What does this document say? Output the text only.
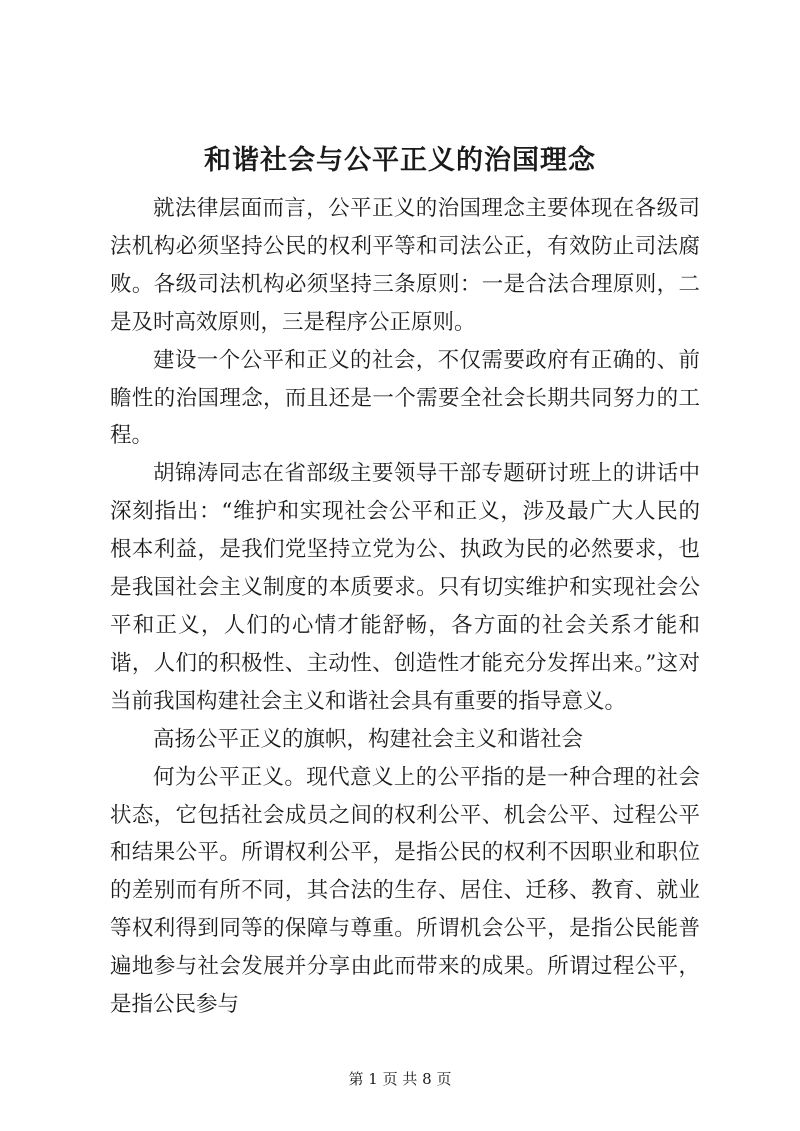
和谐社会与公平正义的治国理念

就法律层面而言，公平正义的治国理念主要体现在各级司法机构必须坚持公民的权利平等和司法公正，有效防止司法腐败。各级司法机构必须坚持三条原则：一是合法合理原则，二是及时高效原则，三是程序公正原则。

建设一个公平和正义的社会，不仅需要政府有正确的、前瞻性的治国理念，而且还是一个需要全社会长期共同努力的工程。

胡锦涛同志在省部级主要领导干部专题研讨班上的讲话中深刻指出：“维护和实现社会公平和正义，涉及最广大人民的根本利益，是我们党坚持立党为公、执政为民的必然要求，也是我国社会主义制度的本质要求。只有切实维护和实现社会公平和正义，人们的心情才能舒畅，各方面的社会关系才能和谐，人们的积极性、主动性、创造性才能充分发挥出来。”这对当前我国构建社会主义和谐社会具有重要的指导意义。

高扬公平正义的旗帜，构建社会主义和谐社会

何为公平正义。现代意义上的公平指的是一种合理的社会状态，它包括社会成员之间的权利公平、机会公平、过程公平和结果公平。所谓权利公平，是指公民的权利不因职业和职位的差别而有所不同，其合法的生存、居住、迁移、教育、就业等权利得到同等的保障与尊重。所谓机会公平，是指公民能普遍地参与社会发展并分享由此而带来的成果。所谓过程公平，是指公民参与

第 1 页 共 8 页
